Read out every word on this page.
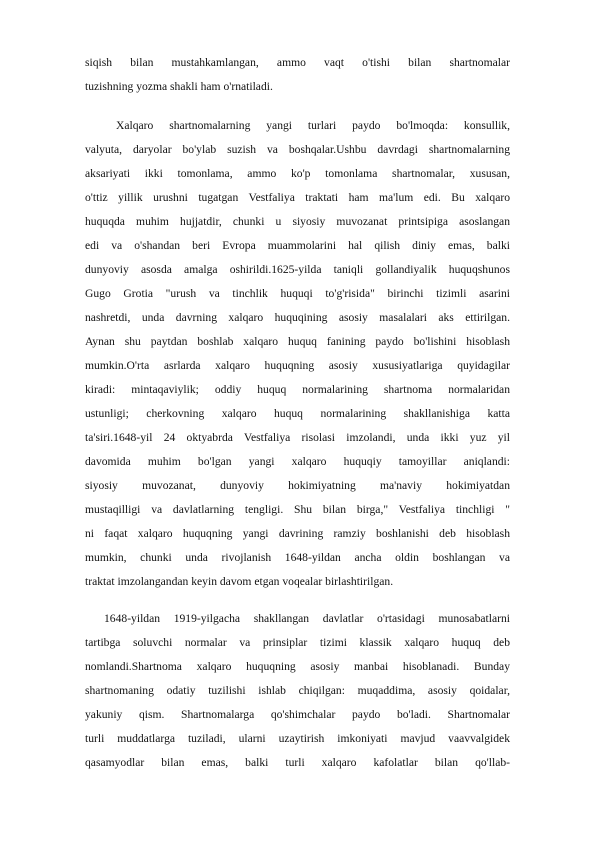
siqish bilan mustahkamlangan, ammo vaqt o'tishi bilan shartnomalar
tuzishning yozma shakli ham o'rnatiladi.
Xalqaro shartnomalarning yangi turlari paydo bo'lmoqda: konsullik,
valyuta, daryolar bo'ylab suzish va boshqalar.Ushbu davrdagi shartnomalarning
aksariyati ikki tomonlama, ammo ko'p tomonlama shartnomalar, xususan,
o'ttiz yillik urushni tugatgan Vestfaliya traktati ham ma'lum edi. Bu xalqaro
huquqda muhim hujjatdir, chunki u siyosiy muvozanat printsipiga asoslangan
edi va o'shandan beri Evropa muammolarini hal qilish diniy emas, balki
dunyoviy asosda amalga oshirildi.1625-yilda taniqli gollandiyalik huquqshunos
Gugo Grotia "urush va tinchlik huquqi to'g'risida" birinchi tizimli asarini
nashretdi, unda davrning xalqaro huquqining asosiy masalalari aks ettirilgan.
Aynan shu paytdan boshlab xalqaro huquq fanining paydo bo'lishini hisoblash
mumkin.O'rta asrlarda xalqaro huquqning asosiy xususiyatlariga quyidagilar
kiradi: mintaqaviylik; oddiy huquq normalarining shartnoma normalaridan
ustunligi; cherkovning xalqaro huquq normalarining shakllanishiga katta
ta'siri.1648-yil 24 oktyabrda Vestfaliya risolasi imzolandi, unda ikki yuz yil
davomida muhim bo'lgan yangi xalqaro huquqiy tamoyillar aniqlandi:
siyosiy muvozanat, dunyoviy hokimiyatning ma'naviy hokimiyatdan
mustaqilligi va davlatlarning tengligi. Shu bilan birga," Vestfaliya tinchligi "
ni faqat xalqaro huquqning yangi davrining ramziy boshlanishi deb hisoblash
mumkin, chunki unda rivojlanish 1648-yildan ancha oldin boshlangan va
traktat imzolangandan keyin davom etgan voqealar birlashtirilgan.
1648-yildan 1919-yilgacha shakllangan davlatlar o'rtasidagi munosabatlarni
tartibga soluvchi normalar va prinsiplar tizimi klassik xalqaro huquq deb
nomlandi.Shartnoma xalqaro huquqning asosiy manbai hisoblanadi. Bunday
shartnomaning odatiy tuzilishi ishlab chiqilgan: muqaddima, asosiy qoidalar,
yakuniy qism. Shartnomalarga qo'shimchalar paydo bo'ladi. Shartnomalar
turli muddatlarga tuziladi, ularni uzaytirish imkoniyati mavjud vaavvalgidek
qasamyodlar bilan emas, balki turli xalqaro kafolatlar bilan qo'llab-
